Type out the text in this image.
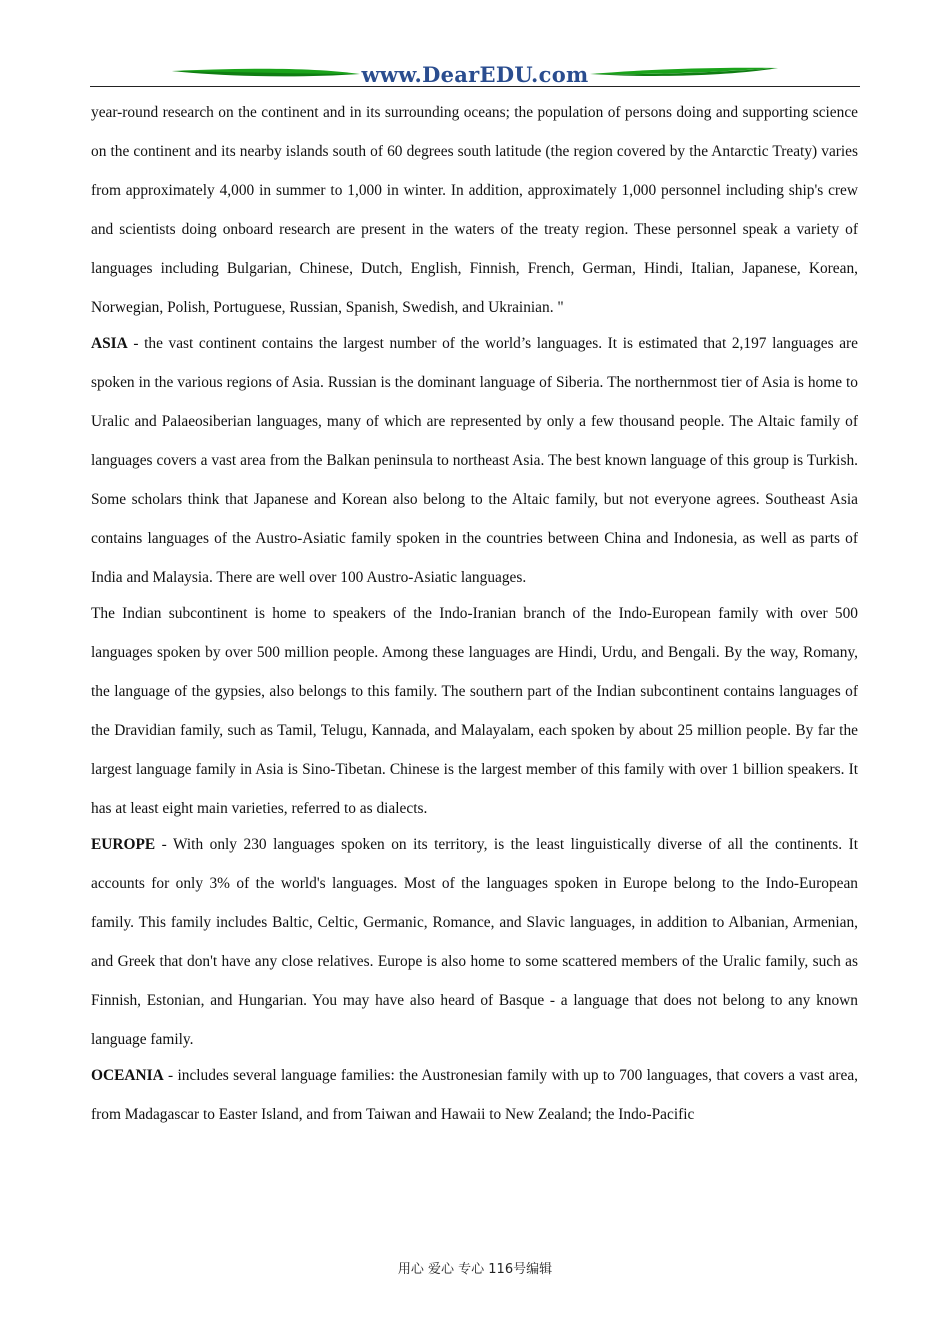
www.DearEDU.com

year-round research on the continent and in its surrounding oceans; the population of persons doing and supporting science on the continent and its nearby islands south of 60 degrees south latitude (the region covered by the Antarctic Treaty) varies from approximately 4,000 in summer to 1,000 in winter. In addition, approximately 1,000 personnel including ship's crew and scientists doing onboard research are present in the waters of the treaty region. These personnel speak a variety of languages including Bulgarian, Chinese, Dutch, English, Finnish, French, German, Hindi, Italian, Japanese, Korean, Norwegian, Polish, Portuguese, Russian, Spanish, Swedish, and Ukrainian. "

ASIA - the vast continent contains the largest number of the world’s languages. It is estimated that 2,197 languages are spoken in the various regions of Asia. Russian is the dominant language of Siberia. The northernmost tier of Asia is home to Uralic and Palaeosiberian languages, many of which are represented by only a few thousand people. The Altaic family of languages covers a vast area from the Balkan peninsula to northeast Asia. The best known language of this group is Turkish. Some scholars think that Japanese and Korean also belong to the Altaic family, but not everyone agrees. Southeast Asia contains languages of the Austro-Asiatic family spoken in the countries between China and Indonesia, as well as parts of India and Malaysia. There are well over 100 Austro-Asiatic languages.

The Indian subcontinent is home to speakers of the Indo-Iranian branch of the Indo-European family with over 500 languages spoken by over 500 million people. Among these languages are Hindi, Urdu, and Bengali. By the way, Romany, the language of the gypsies, also belongs to this family. The southern part of the Indian subcontinent contains languages of the Dravidian family, such as Tamil, Telugu, Kannada, and Malayalam, each spoken by about 25 million people. By far the largest language family in Asia is Sino-Tibetan. Chinese is the largest member of this family with over 1 billion speakers. It has at least eight main varieties, referred to as dialects.

EUROPE - With only 230 languages spoken on its territory, is the least linguistically diverse of all the continents. It accounts for only 3% of the world's languages. Most of the languages spoken in Europe belong to the Indo-European family. This family includes Baltic, Celtic, Germanic, Romance, and Slavic languages, in addition to Albanian, Armenian, and Greek that don't have any close relatives. Europe is also home to some scattered members of the Uralic family, such as Finnish, Estonian, and Hungarian. You may have also heard of Basque - a language that does not belong to any known language family.

OCEANIA - includes several language families: the Austronesian family with up to 700 languages, that covers a vast area, from Madagascar to Easter Island, and from Taiwan and Hawaii to New Zealand; the Indo-Pacific

用心 爱心 专心 116号编辑
